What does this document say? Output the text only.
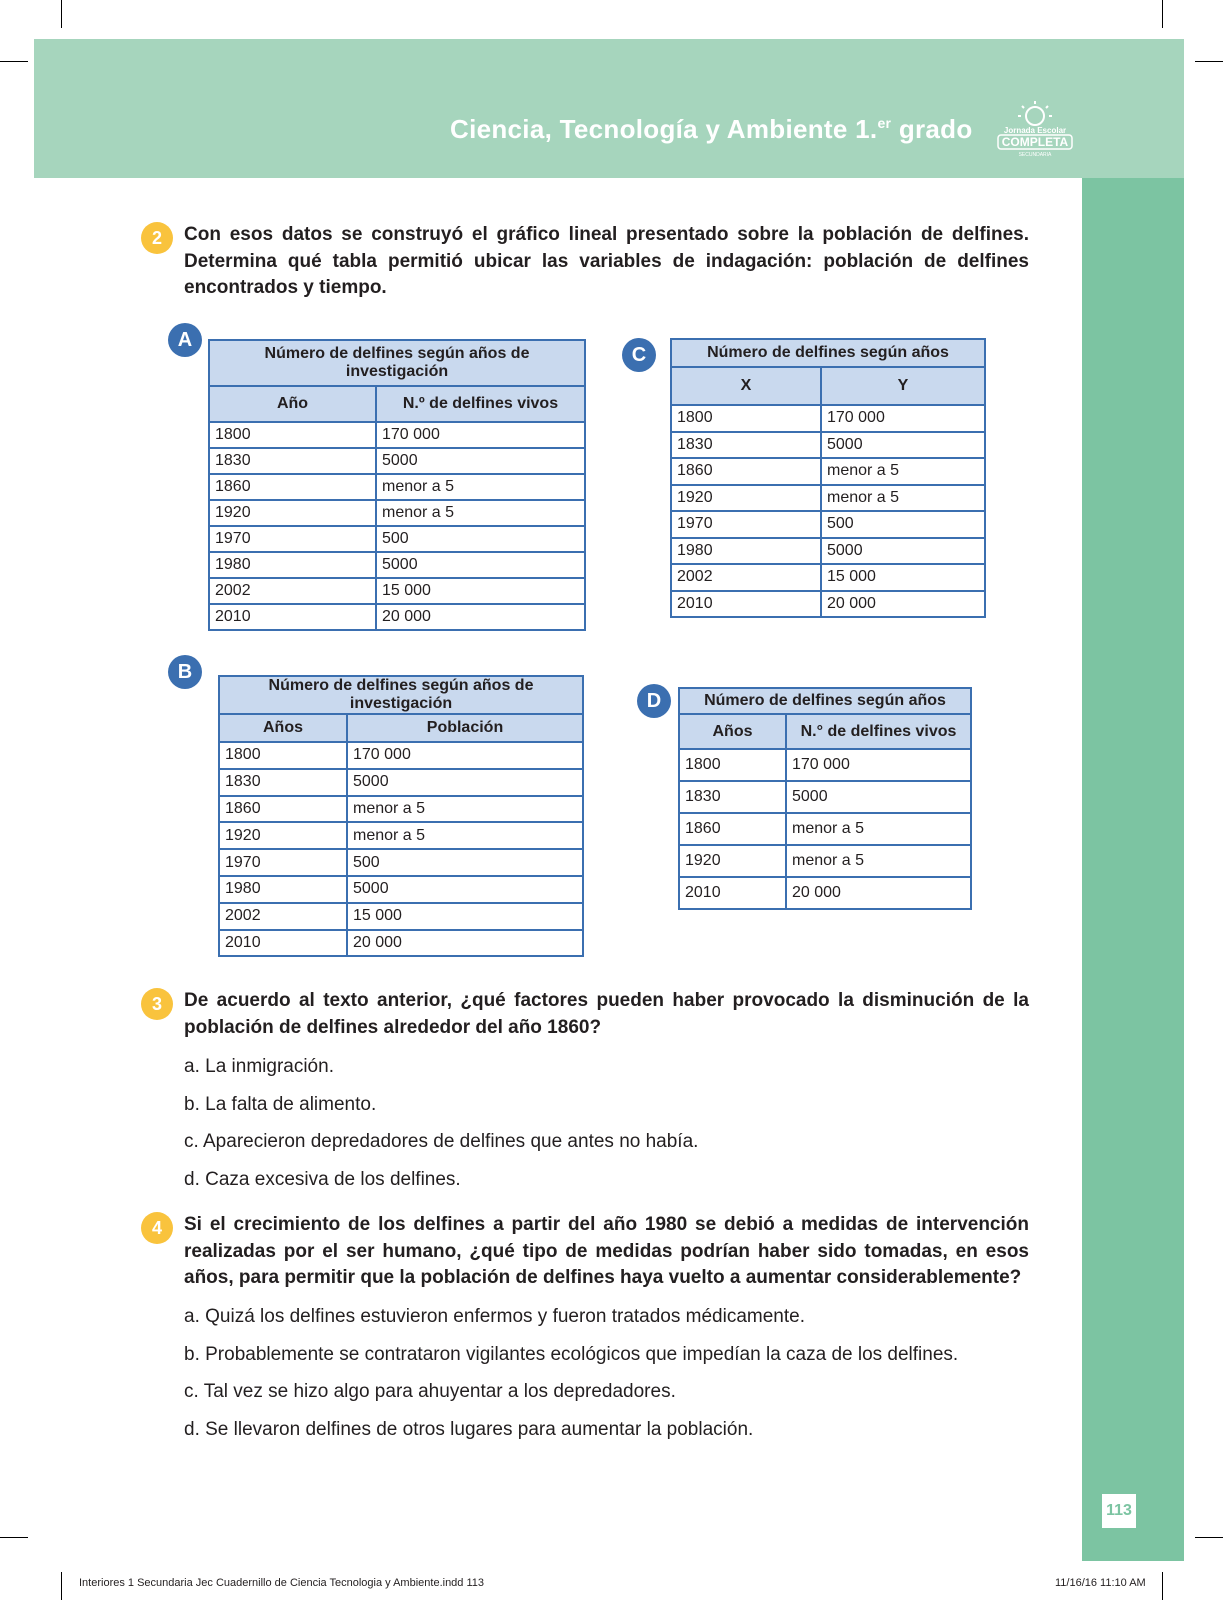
Ciencia, Tecnología y Ambiente 1.$^{er}$ grado	Jornada Escolar
COMPLETA
SECUNDARIA
113
2	Con esos datos se construyó el gráfico lineal presentado sobre la población de delfines. Determina qué tabla permitió ubicar las variables de indagación: población de delfines encontrados y tiempo.
A
Número de delfines según años de investigación	
Año	N.º de delfines vivos
1800	170 000
1830	5000
1860	menor a 5
1920	menor a 5
1970	500
1980	5000
2002	15 000
2010	20 000
C	Número de delfines según años	
X	Y
1800	170 000
1830	5000
1860	menor a 5
1920	menor a 5
1970	500
1980	5000
2002	15 000
2010	20 000
B
Número de delfines según años de investigación	
Años	Población
1800	170 000
1830	5000
1860	menor a 5
1920	menor a 5
1970	500
1980	5000
2002	15 000
2010	20 000
D	Número de delfines según años	
Años	N.° de delfines vivos
1800	170 000
1830	5000
1860	menor a 5
1920	menor a 5
2010	20 000
3	De acuerdo al texto anterior, ¿qué factores pueden haber provocado la disminución de la población de delfines alrededor del año 1860?
a. La inmigración.
b. La falta de alimento.
c. Aparecieron depredadores de delfines que antes no había.
d. Caza excesiva de los delfines.
4	Si el crecimiento de los delfines a partir del año 1980 se debió a medidas de intervención realizadas por el ser humano, ¿qué tipo de medidas podrían haber sido tomadas, en esos años, para permitir que la población de delfines haya vuelto a aumentar considerablemente?
a. Quizá los delfines estuvieron enfermos y fueron tratados médicamente.
b. Probablemente se contrataron vigilantes ecológicos que impedían la caza de los delfines.
c. Tal vez se hizo algo para ahuyentar a los depredadores.
d. Se llevaron delfines de otros lugares para aumentar la población.
Interiores 1 Secundaria Jec Cuadernillo de Ciencia Tecnologia y Ambiente.indd 113	11/16/16 11:10 AM
